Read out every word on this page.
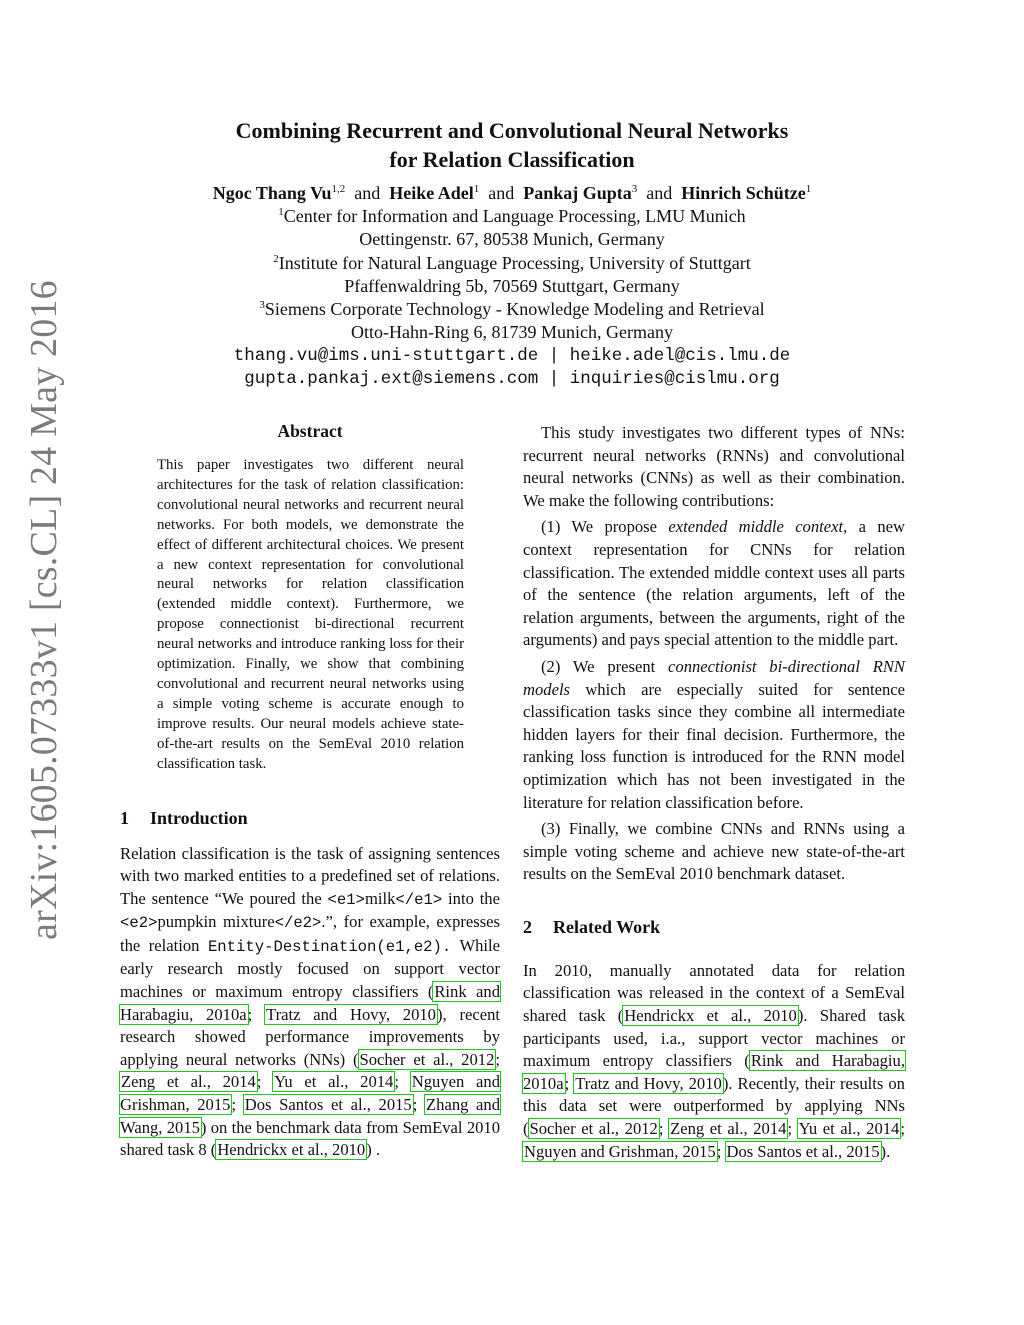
arXiv:1605.07333v1 [cs.CL] 24 May 2016
Combining Recurrent and Convolutional Neural Networks
for Relation Classification
Ngoc Thang Vu$^{1,2}$ and Heike Adel$^1$ and Pankaj Gupta$^3$ and Hinrich Schütze$^1$
$^1$Center for Information and Language Processing, LMU Munich
Oettingenstr. 67, 80538 Munich, Germany
$^2$Institute for Natural Language Processing, University of Stuttgart
Pfaffenwaldring 5b, 70569 Stuttgart, Germany
$^3$Siemens Corporate Technology - Knowledge Modeling and Retrieval
Otto-Hahn-Ring 6, 81739 Munich, Germany
thang.vu@ims.uni-stuttgart.de | heike.adel@cis.lmu.de
gupta.pankaj.ext@siemens.com | inquiries@cislmu.org
Abstract

This paper investigates two different neural architectures for the task of relation classification: convolutional neural networks and recurrent neural networks. For both models, we demonstrate the effect of different architectural choices. We present a new context representation for convolutional neural networks for relation classification (extended middle context). Furthermore, we propose connectionist bi-directional recurrent neural networks and introduce ranking loss for their optimization. Finally, we show that combining convolutional and recurrent neural networks using a simple voting scheme is accurate enough to improve results. Our neural models achieve state-of-the-art results on the SemEval 2010 relation classification task.

1 Introduction

Relation classification is the task of assigning sentences with two marked entities to a predefined set of relations. The sentence “We poured the <e1>milk</e1> into the <e2>pumpkin mixture</e2>.”, for example, expresses the relation Entity-Destination(e1,e2). While early research mostly focused on support vector machines or maximum entropy classifiers (Rink and Harabagiu, 2010a; Tratz and Hovy, 2010), recent research showed performance improvements by applying neural networks (NNs) (Socher et al., 2012; Zeng et al., 2014; Yu et al., 2014; Nguyen and Grishman, 2015; Dos Santos et al., 2015; Zhang and Wang, 2015) on the benchmark data from SemEval 2010 shared task 8 (Hendrickx et al., 2010) .

This study investigates two different types of NNs: recurrent neural networks (RNNs) and convolutional neural networks (CNNs) as well as their combination. We make the following contributions:

(1) We propose extended middle context, a new context representation for CNNs for relation classification. The extended middle context uses all parts of the sentence (the relation arguments, left of the relation arguments, between the arguments, right of the arguments) and pays special attention to the middle part.

(2) We present connectionist bi-directional RNN models which are especially suited for sentence classification tasks since they combine all intermediate hidden layers for their final decision. Furthermore, the ranking loss function is introduced for the RNN model optimization which has not been investigated in the literature for relation classification before.

(3) Finally, we combine CNNs and RNNs using a simple voting scheme and achieve new state-of-the-art results on the SemEval 2010 benchmark dataset.

2 Related Work

In 2010, manually annotated data for relation classification was released in the context of a SemEval shared task (Hendrickx et al., 2010). Shared task participants used, i.a., support vector machines or maximum entropy classifiers (Rink and Harabagiu, 2010a; Tratz and Hovy, 2010). Recently, their results on this data set were outperformed by applying NNs (Socher et al., 2012; Zeng et al., 2014; Yu et al., 2014; Nguyen and Grishman, 2015; Dos Santos et al., 2015).
